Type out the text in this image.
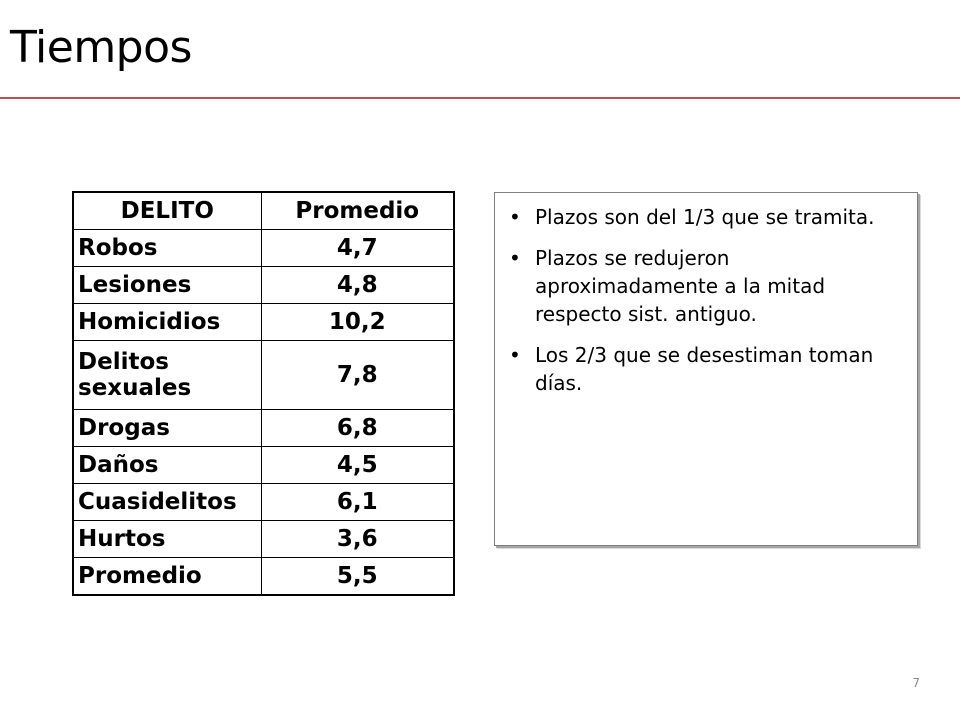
Tiempos
DELITO	Promedio
Robos	4,7
Lesiones	4,8
Homicidios	10,2
Delitos sexuales	7,8
Drogas	6,8
Daños	4,5
Cuasidelitos	6,1
Hurtos	3,6
Promedio	5,5
• Plazos son del 1/3 que se tramita.
• Plazos se redujeron aproximadamente a la mitad respecto sist. antiguo.
• Los 2/3 que se desestiman toman días.
7
